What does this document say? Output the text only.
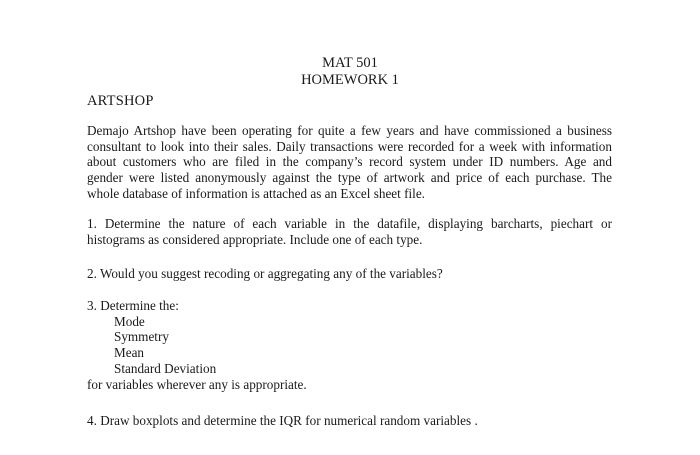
MAT 501
HOMEWORK 1
ARTSHOP
Demajo Artshop have been operating for quite a few years and have commissioned a business
consultant to look into their sales. Daily transactions were recorded for a week with information
about customers who are filed in the company’s record system under ID numbers. Age and
gender were listed anonymously against the type of artwork and price of each purchase. The
whole database of information is attached as an Excel sheet file.
1. Determine the nature of each variable in the datafile, displaying barcharts, piechart or
histograms as considered appropriate. Include one of each type.
2. Would you suggest recoding or aggregating any of the variables?
3. Determine the:
Mode
Symmetry
Mean
Standard Deviation
for variables wherever any is appropriate.
4. Draw boxplots and determine the IQR for numerical random variables .
